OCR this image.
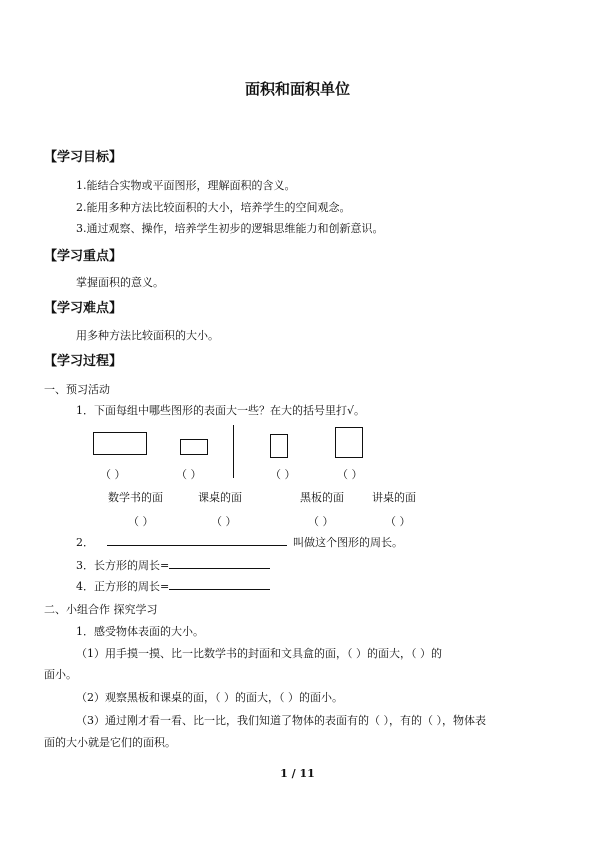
面积和面积单位
【学习目标】
1.能结合实物或平面图形，理解面积的含义。
2.能用多种方法比较面积的大小，培养学生的空间观念。
3.通过观察、操作，培养学生初步的逻辑思维能力和创新意识。
【学习重点】
掌握面积的意义。
【学习难点】
用多种方法比较面积的大小。
【学习过程】
一、预习活动
1．下面每组中哪些图形的表面大一些？在大的括号里打√。
（ ）	（ ）	（ ）	（ ）
数学书的面	课桌的面	黑板的面	讲桌的面
（ ）	（ ）	（ ）	（ ）
2．	叫做这个图形的周长。
3．长方形的周长=
4．正方形的周长=
二、小组合作 探究学习
1．感受物体表面的大小。
（1）用手摸一摸、比一比数学书的封面和文具盒的面，（ ）的面大，（ ）的
面小。
（2）观察黑板和课桌的面，（ ）的面大，（ ）的面小。
（3）通过刚才看一看、比一比，我们知道了物体的表面有的（ ），有的（ ），物体表
面的大小就是它们的面积。
1 / 11
